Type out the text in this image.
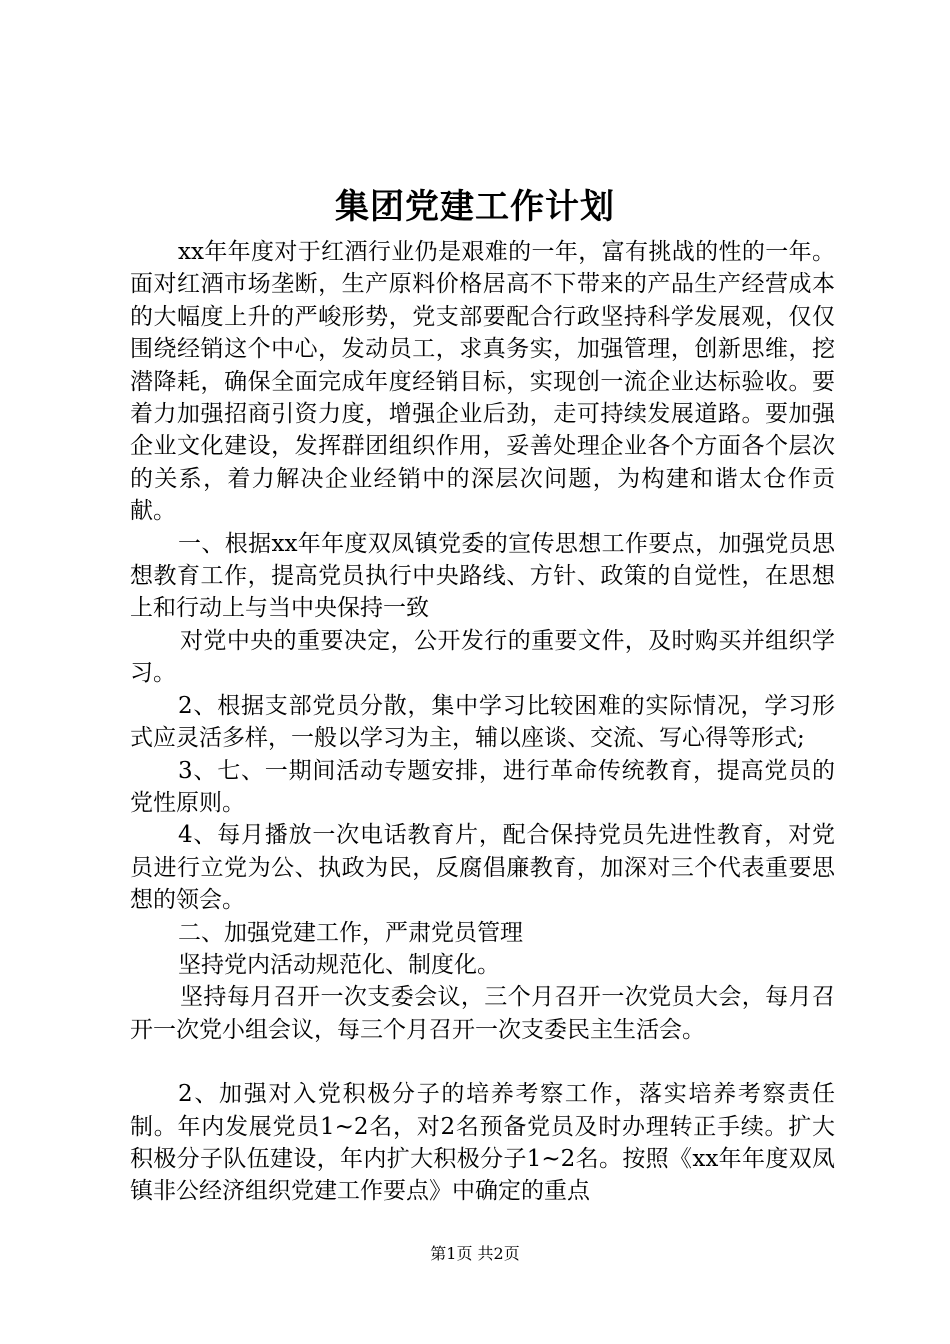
集团党建工作计划

xx年年度对于红酒行业仍是艰难的一年，富有挑战的性的一年。面对红酒市场垄断，生产原料价格居高不下带来的产品生产经营成本的大幅度上升的严峻形势，党支部要配合行政坚持科学发展观，仅仅围绕经销这个中心，发动员工，求真务实，加强管理，创新思维，挖潜降耗，确保全面完成年度经销目标，实现创一流企业达标验收。要着力加强招商引资力度，增强企业后劲，走可持续发展道路。要加强企业文化建设，发挥群团组织作用，妥善处理企业各个方面各个层次的关系，着力解决企业经销中的深层次问题，为构建和谐太仓作贡献。

一、根据xx年年度双凤镇党委的宣传思想工作要点，加强党员思想教育工作，提高党员执行中央路线、方针、政策的自觉性，在思想上和行动上与当中央保持一致

对党中央的重要决定，公开发行的重要文件，及时购买并组织学习。

2、根据支部党员分散，集中学习比较困难的实际情况，学习形式应灵活多样，一般以学习为主，辅以座谈、交流、写心得等形式;

3、七、一期间活动专题安排，进行革命传统教育，提高党员的党性原则。

4、每月播放一次电话教育片，配合保持党员先进性教育，对党员进行立党为公、执政为民，反腐倡廉教育，加深对三个代表重要思想的领会。

二、加强党建工作，严肃党员管理

坚持党内活动规范化、制度化。

坚持每月召开一次支委会议，三个月召开一次党员大会，每月召开一次党小组会议，每三个月召开一次支委民主生活会。

2、加强对入党积极分子的培养考察工作，落实培养考察责任制。年内发展党员1~2名，对2名预备党员及时办理转正手续。扩大积极分子队伍建设，年内扩大积极分子1~2名。按照《xx年年度双凤镇非公经济组织党建工作要点》中确定的重点

第1页 共2页
